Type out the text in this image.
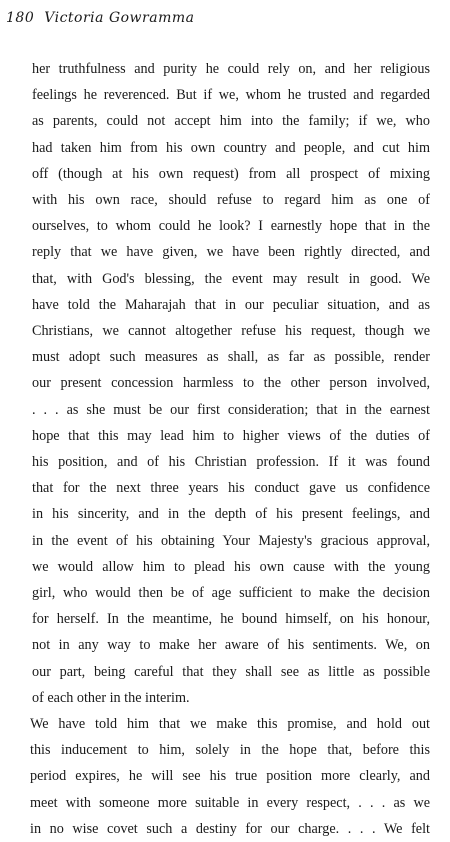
180 Victoria Gowramma

her truthfulness and purity he could rely on, and her religious
feelings he reverenced. But if we, whom he trusted and regarded
as parents, could not accept him into the family; if we, who
had taken him from his own country and people, and cut him
off (though at his own request) from all prospect of mixing
with his own race, should refuse to regard him as one of
ourselves, to whom could he look? I earnestly hope that in the
reply that we have given, we have been rightly directed, and
that, with God's blessing, the event may result in good. We
have told the Maharajah that in our peculiar situation, and as
Christians, we cannot altogether refuse his request, though we
must adopt such measures as shall, as far as possible, render
our present concession harmless to the other person involved,
. . . as she must be our first consideration; that in the earnest
hope that this may lead him to higher views of the duties of
his position, and of his Christian profession. If it was found
that for the next three years his conduct gave us confidence
in his sincerity, and in the depth of his present feelings, and
in the event of his obtaining Your Majesty's gracious approval,
we would allow him to plead his own cause with the young
girl, who would then be of age sufficient to make the decision
for herself. In the meantime, he bound himself, on his honour,
not in any way to make her aware of his sentiments. We, on
our part, being careful that they shall see as little as possible
of each other in the interim.

We have told him that we make this promise, and hold out
this inducement to him, solely in the hope that, before this
period expires, he will see his true position more clearly, and
meet with someone more suitable in every respect, . . . as we
in no wise covet such a destiny for our charge. . . . We felt
